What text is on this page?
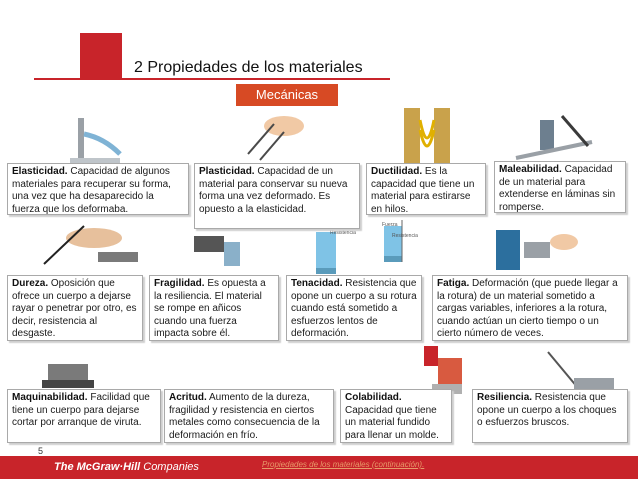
2 Propiedades de los materiales
Mecánicas
Resistencia
Fuerza
Resistencia
Elasticidad. Capacidad de algunos materiales para recuperar su forma, una vez que ha desaparecido la fuerza que los deformaba.
Plasticidad. Capacidad de un material para conservar su nueva forma una vez deformado. Es opuesto a la elasticidad.
Ductilidad. Es la capacidad que tiene un material para estirarse en hilos.
Maleabilidad. Capacidad de un material para extenderse en láminas sin romperse.
Dureza. Oposición que ofrece un cuerpo a dejarse rayar o penetrar por otro, es decir, resistencia al desgaste.
Fragilidad. Es opuesta a la resiliencia. El material se rompe en añicos cuando una fuerza impacta sobre él.
Tenacidad. Resistencia que opone un cuerpo a su rotura cuando está sometido a esfuerzos lentos de deformación.
Fatiga. Deformación (que puede llegar a la rotura) de un material sometido a cargas variables, inferiores a la rotura, cuando actúan un cierto tiempo o un cierto número de veces.
Maquinabilidad. Facilidad que tiene un cuerpo para dejarse cortar por arranque de viruta.
Acritud. Aumento de la dureza, fragilidad y resistencia en ciertos metales como consecuencia de la deformación en frío.
Colabilidad. Capacidad que tiene un material fundido para llenar un molde.
Resiliencia. Resistencia que opone un cuerpo a los choques o esfuerzos bruscos.
5
The McGraw·Hill Companies	Propiedades de los materiales (continuación).
